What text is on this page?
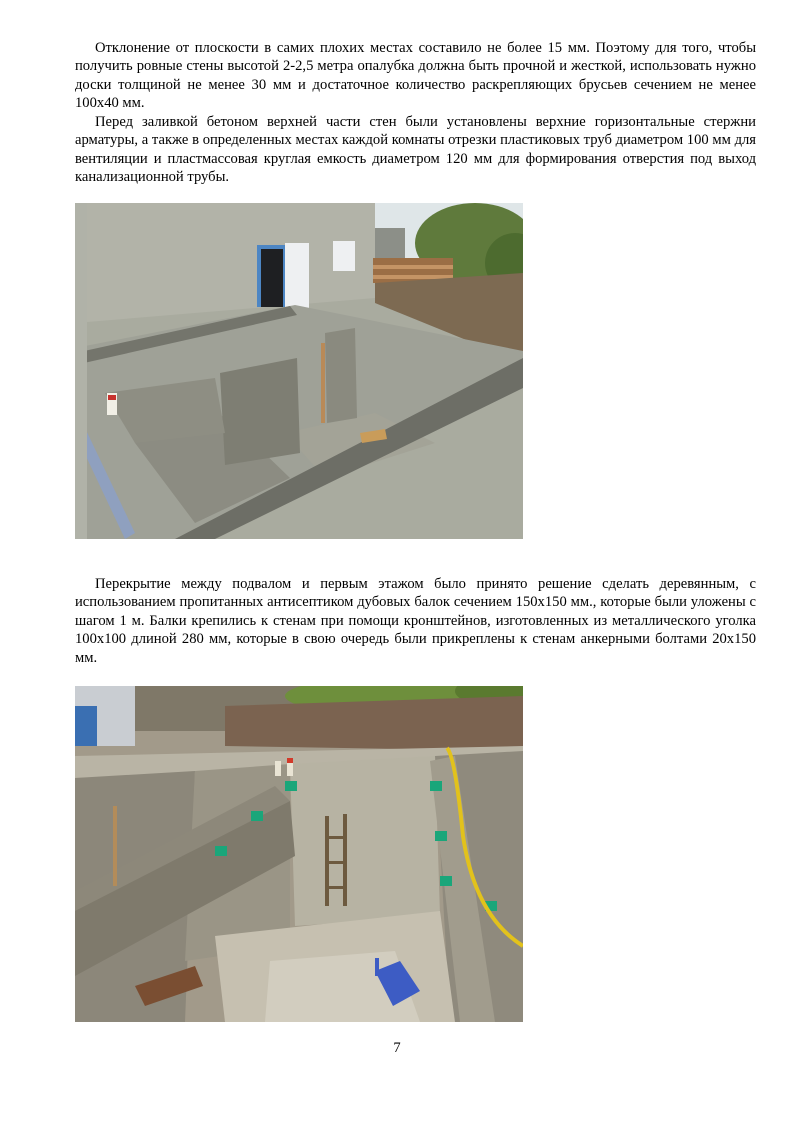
Отклонение от плоскости в самих плохих местах составило не более 15 мм. Поэтому для того, чтобы получить ровные стены высотой 2-2,5 метра опалубка должна быть прочной и жесткой, использовать нужно доски толщиной не менее 30 мм и достаточное количество раскрепляющих брусьев сечением не менее 100х40 мм.

Перед заливкой бетоном верхней части стен были установлены верхние горизонтальные стержни арматуры, а также в определенных местах каждой комнаты отрезки пластиковых труб диаметром 100 мм для вентиляции и пластмассовая круглая емкость диаметром 120 мм для формирования отверстия под выход канализационной трубы.

Перекрытие между подвалом и первым этажом было принято решение сделать деревянным, с использованием пропитанных антисептиком дубовых балок сечением 150х150 мм., которые были уложены с шагом 1 м. Балки крепились к стенам при помощи кронштейнов, изготовленных из металлического уголка 100х100 длиной 280 мм, которые в свою очередь были прикреплены к стенам анкерными болтами 20х150 мм.

7
